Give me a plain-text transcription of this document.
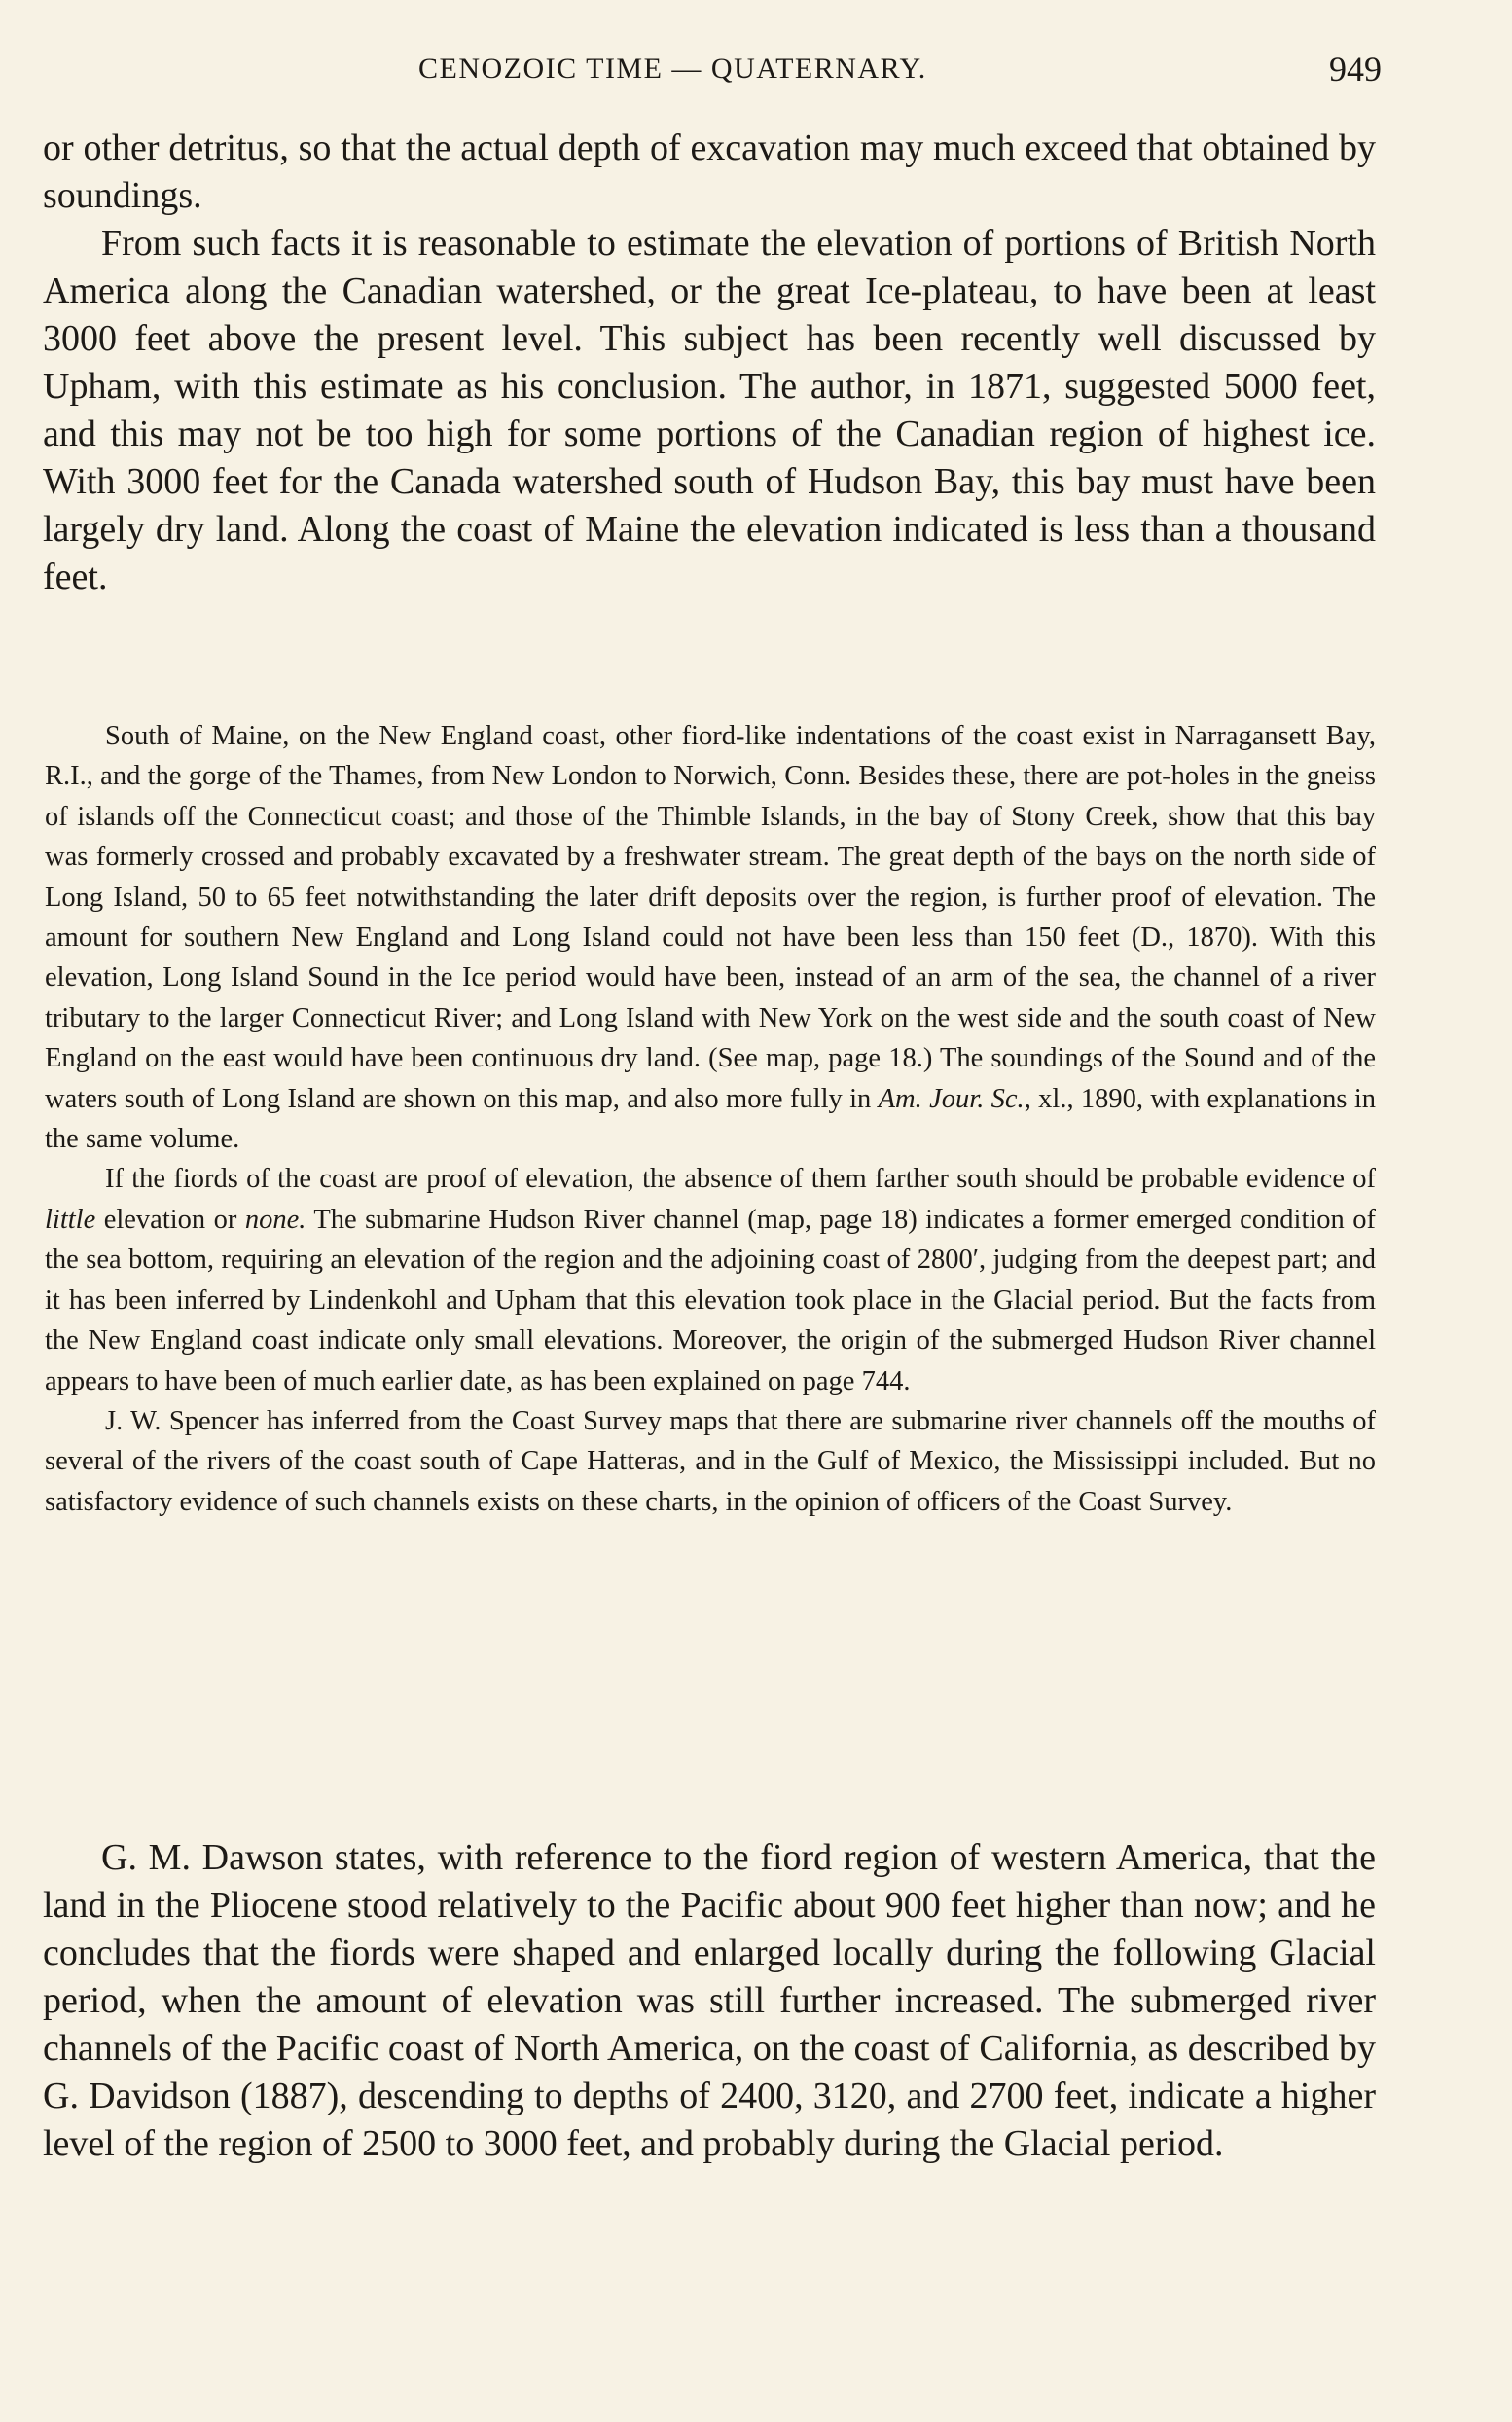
CENOZOIC TIME — QUATERNARY.	949

or other detritus, so that the actual depth of excavation may much exceed that obtained by soundings.

From such facts it is reasonable to estimate the elevation of portions of British North America along the Canadian watershed, or the great Ice-plateau, to have been at least 3000 feet above the present level. This subject has been recently well discussed by Upham, with this estimate as his conclusion. The author, in 1871, suggested 5000 feet, and this may not be too high for some portions of the Canadian region of highest ice. With 3000 feet for the Canada watershed south of Hudson Bay, this bay must have been largely dry land. Along the coast of Maine the elevation indicated is less than a thousand feet.

South of Maine, on the New England coast, other fiord-like indentations of the coast exist in Narragansett Bay, R.I., and the gorge of the Thames, from New London to Norwich, Conn. Besides these, there are pot-holes in the gneiss of islands off the Connecticut coast; and those of the Thimble Islands, in the bay of Stony Creek, show that this bay was formerly crossed and probably excavated by a freshwater stream. The great depth of the bays on the north side of Long Island, 50 to 65 feet notwithstanding the later drift deposits over the region, is further proof of elevation. The amount for southern New England and Long Island could not have been less than 150 feet (D., 1870). With this elevation, Long Island Sound in the Ice period would have been, instead of an arm of the sea, the channel of a river tributary to the larger Connecticut River; and Long Island with New York on the west side and the south coast of New England on the east would have been continuous dry land. (See map, page 18.) The soundings of the Sound and of the waters south of Long Island are shown on this map, and also more fully in Am. Jour. Sc., xl., 1890, with explanations in the same volume.

If the fiords of the coast are proof of elevation, the absence of them farther south should be probable evidence of little elevation or none. The submarine Hudson River channel (map, page 18) indicates a former emerged condition of the sea bottom, requiring an elevation of the region and the adjoining coast of 2800′, judging from the deepest part; and it has been inferred by Lindenkohl and Upham that this elevation took place in the Glacial period. But the facts from the New England coast indicate only small elevations. Moreover, the origin of the submerged Hudson River channel appears to have been of much earlier date, as has been explained on page 744.

J. W. Spencer has inferred from the Coast Survey maps that there are submarine river channels off the mouths of several of the rivers of the coast south of Cape Hatteras, and in the Gulf of Mexico, the Mississippi included. But no satisfactory evidence of such channels exists on these charts, in the opinion of officers of the Coast Survey.

G. M. Dawson states, with reference to the fiord region of western America, that the land in the Pliocene stood relatively to the Pacific about 900 feet higher than now; and he concludes that the fiords were shaped and enlarged locally during the following Glacial period, when the amount of elevation was still further increased. The submerged river channels of the Pacific coast of North America, on the coast of California, as described by G. Davidson (1887), descending to depths of 2400, 3120, and 2700 feet, indicate a higher level of the region of 2500 to 3000 feet, and probably during the Glacial period.
